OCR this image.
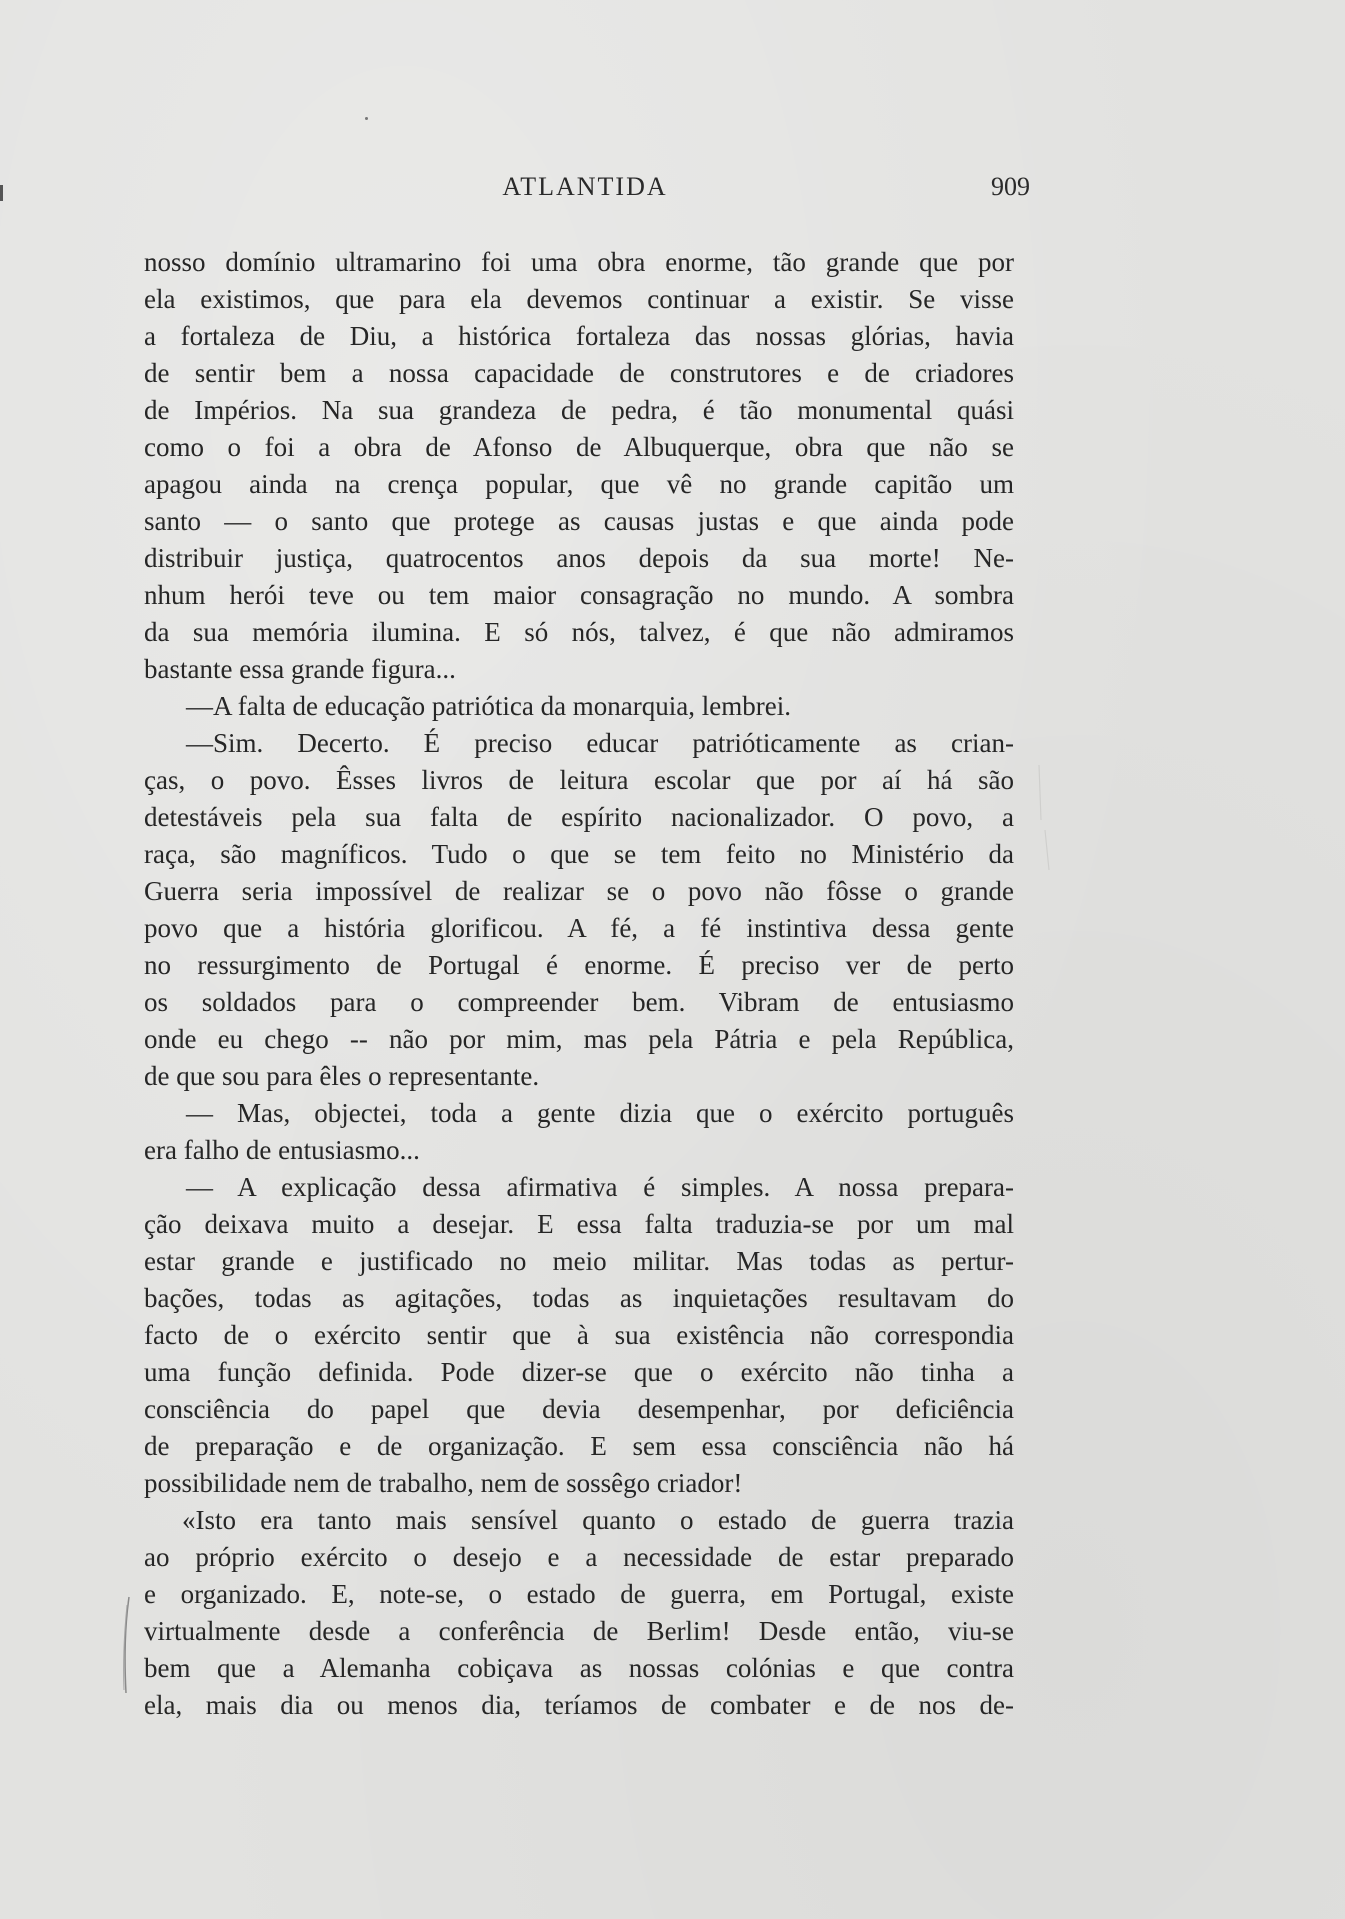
ATLANTIDA	909
nosso domínio ultramarino foi uma obra enorme, tão grande que por
ela existimos, que para ela devemos continuar a existir. Se visse
a fortaleza de Diu, a histórica fortaleza das nossas glórias, havia
de sentir bem a nossa capacidade de construtores e de criadores
de Impérios. Na sua grandeza de pedra, é tão monumental quási
como o foi a obra de Afonso de Albuquerque, obra que não se
apagou ainda na crença popular, que vê no grande capitão um
santo — o santo que protege as causas justas e que ainda pode
distribuir justiça, quatrocentos anos depois da sua morte! Ne-
nhum herói teve ou tem maior consagração no mundo. A sombra
da sua memória ilumina. E só nós, talvez, é que não admiramos
bastante essa grande figura...
—A falta de educação patriótica da monarquia, lembrei.
—Sim. Decerto. É preciso educar patrióticamente as crian-
ças, o povo. Êsses livros de leitura escolar que por aí há são
detestáveis pela sua falta de espírito nacionalizador. O povo, a
raça, são magníficos. Tudo o que se tem feito no Ministério da
Guerra seria impossível de realizar se o povo não fôsse o grande
povo que a história glorificou. A fé, a fé instintiva dessa gente
no ressurgimento de Portugal é enorme. É preciso ver de perto
os soldados para o compreender bem. Vibram de entusiasmo
onde eu chego -- não por mim, mas pela Pátria e pela República,
de que sou para êles o representante.
— Mas, objectei, toda a gente dizia que o exército português
era falho de entusiasmo...
— A explicação dessa afirmativa é simples. A nossa prepara-
ção deixava muito a desejar. E essa falta traduzia-se por um mal
estar grande e justificado no meio militar. Mas todas as pertur-
bações, todas as agitações, todas as inquietações resultavam do
facto de o exército sentir que à sua existência não correspondia
uma função definida. Pode dizer-se que o exército não tinha a
consciência do papel que devia desempenhar, por deficiência
de preparação e de organização. E sem essa consciência não há
possibilidade nem de trabalho, nem de sossêgo criador!
«Isto era tanto mais sensível quanto o estado de guerra trazia
ao próprio exército o desejo e a necessidade de estar preparado
e organizado. E, note-se, o estado de guerra, em Portugal, existe
virtualmente desde a conferência de Berlim! Desde então, viu-se
bem que a Alemanha cobiçava as nossas colónias e que contra
ela, mais dia ou menos dia, teríamos de combater e de nos de-
